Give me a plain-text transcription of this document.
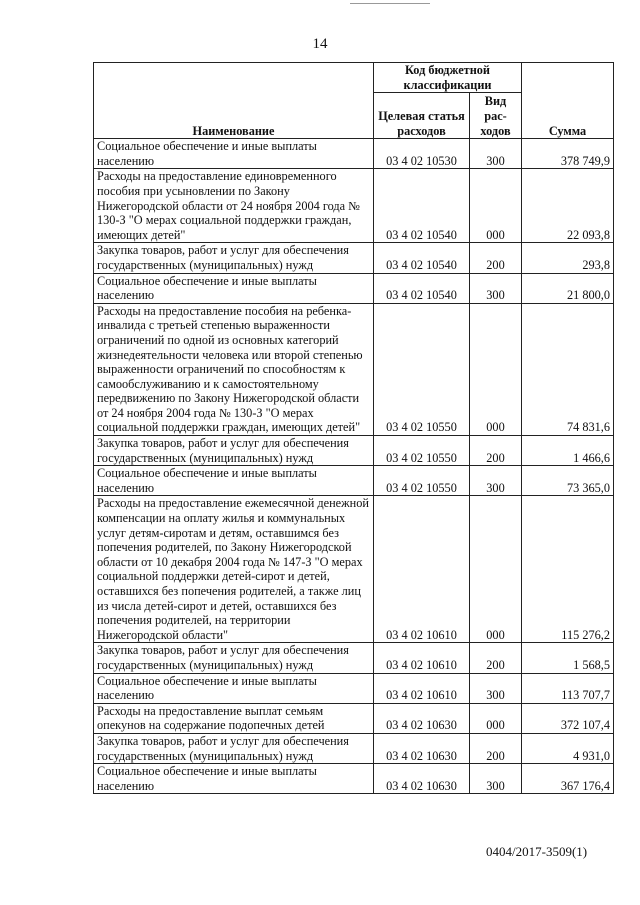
14
Наименование	Код бюджетной классификации		Сумма
	Целевая статья расходов	Вид рас-ходов	
Социальное обеспечение и иные выплаты населению	03 4 02 10530	300	378 749,9
Расходы на предоставление единовременного пособия при усыновлении по Закону Нижегородской области от 24 ноября 2004 года № 130-З "О мерах социальной поддержки граждан, имеющих детей"	03 4 02 10540	000	22 093,8
Закупка товаров, работ и услуг для обеспечения государственных (муниципальных) нужд	03 4 02 10540	200	293,8
Социальное обеспечение и иные выплаты населению	03 4 02 10540	300	21 800,0
Расходы на предоставление пособия на ребенка-инвалида с третьей степенью выраженности ограничений по одной из основных категорий жизнедеятельности человека или второй степенью выраженности ограничений по способностям к самообслуживанию и к самостоятельному передвижению по Закону Нижегородской области от 24 ноября 2004 года № 130-З "О мерах социальной поддержки граждан, имеющих детей"	03 4 02 10550	000	74 831,6
Закупка товаров, работ и услуг для обеспечения государственных (муниципальных) нужд	03 4 02 10550	200	1 466,6
Социальное обеспечение и иные выплаты населению	03 4 02 10550	300	73 365,0
Расходы на предоставление ежемесячной денежной компенсации на оплату жилья и коммунальных услуг детям-сиротам и детям, оставшимся без попечения родителей, по Закону Нижегородской области от 10 декабря 2004 года № 147-З "О мерах социальной поддержки детей-сирот и детей, оставшихся без попечения родителей, а также лиц из числа детей-сирот и детей, оставшихся без попечения родителей, на территории Нижегородской области"	03 4 02 10610	000	115 276,2
Закупка товаров, работ и услуг для обеспечения государственных (муниципальных) нужд	03 4 02 10610	200	1 568,5
Социальное обеспечение и иные выплаты населению	03 4 02 10610	300	113 707,7
Расходы на предоставление выплат семьям опекунов на содержание подопечных детей	03 4 02 10630	000	372 107,4
Закупка товаров, работ и услуг для обеспечения государственных (муниципальных) нужд	03 4 02 10630	200	4 931,0
Социальное обеспечение и иные выплаты населению	03 4 02 10630	300	367 176,4
0404/2017-3509(1)
